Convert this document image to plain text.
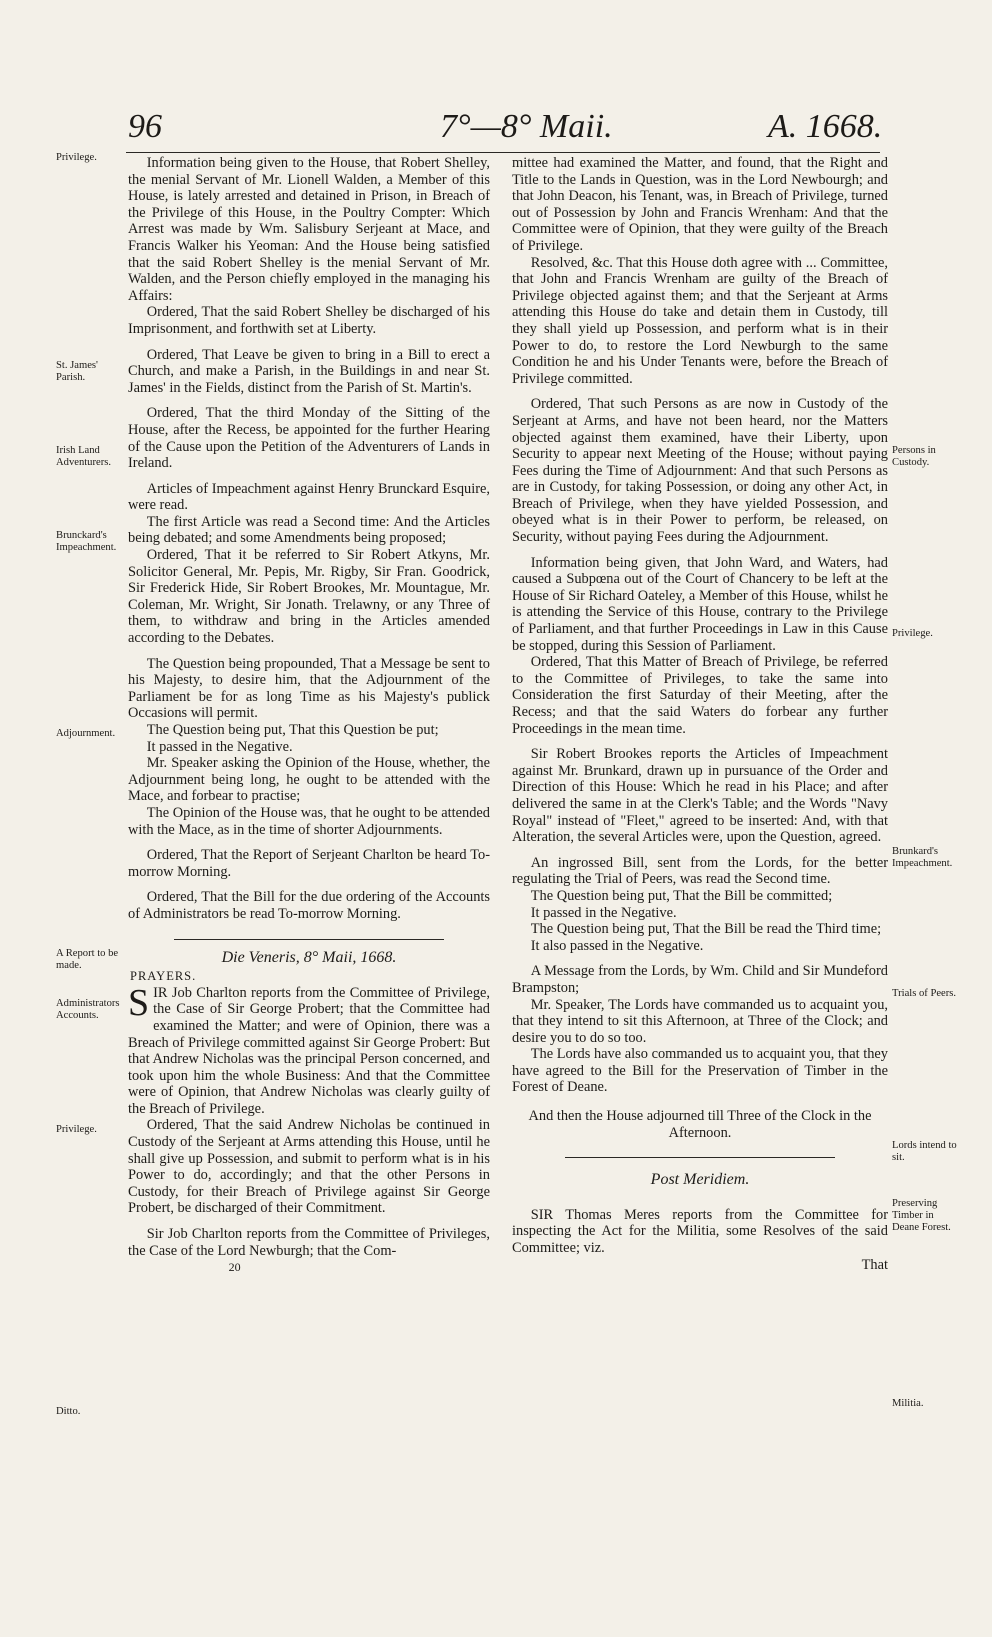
96	7°—8° Maii.	A. 1668.
Privilege.
St. James' Parish.
Irish Land Adventurers.
Brunckard's Impeachment.
Adjournment.
A Report to be made.
Administrators Accounts.
Privilege.
Ditto.
Persons in Custody.
Privilege.
Brunkard's Impeachment.
Trials of Peers.
Lords intend to sit.
Preserving Timber in Deane Forest.
Militia.

Information being given to the House, that Robert Shelley, the menial Servant of Mr. Lionell Walden, a Member of this House, is lately arrested and detained in Prison, in Breach of the Privilege of this House, in the Poultry Compter: Which Arrest was made by Wm. Salisbury Serjeant at Mace, and Francis Walker his Yeoman: And the House being satisfied that the said Robert Shelley is the menial Servant of Mr. Walden, and the Person chiefly employed in the managing his Affairs:

Ordered, That the said Robert Shelley be discharged of his Imprisonment, and forthwith set at Liberty.

Ordered, That Leave be given to bring in a Bill to erect a Church, and make a Parish, in the Buildings in and near St. James' in the Fields, distinct from the Parish of St. Martin's.

Ordered, That the third Monday of the Sitting of the House, after the Recess, be appointed for the further Hearing of the Cause upon the Petition of the Adventurers of Lands in Ireland.

Articles of Impeachment against Henry Brunckard Esquire, were read.

The first Article was read a Second time: And the Articles being debated; and some Amendments being proposed;

Ordered, That it be referred to Sir Robert Atkyns, Mr. Solicitor General, Mr. Pepis, Mr. Rigby, Sir Fran. Goodrick, Sir Frederick Hide, Sir Robert Brookes, Mr. Mountague, Mr. Coleman, Mr. Wright, Sir Jonath. Trelawny, or any Three of them, to withdraw and bring in the Articles amended according to the Debates.

The Question being propounded, That a Message be sent to his Majesty, to desire him, that the Adjournment of the Parliament be for as long Time as his Majesty's publick Occasions will permit.

The Question being put, That this Question be put;

It passed in the Negative.

Mr. Speaker asking the Opinion of the House, whether, the Adjournment being long, he ought to be attended with the Mace, and forbear to practise;

The Opinion of the House was, that he ought to be attended with the Mace, as in the time of shorter Adjournments.

Ordered, That the Report of Serjeant Charlton be heard To-morrow Morning.

Ordered, That the Bill for the due ordering of the Accounts of Administrators be read To-morrow Morning.

Die Veneris, 8° Maii, 1668.

PRAYERS.

SIR Job Charlton reports from the Committee of Privilege, the Case of Sir George Probert; that the Committee had examined the Matter; and were of Opinion, there was a Breach of Privilege committed against Sir George Probert: But that Andrew Nicholas was the principal Person concerned, and took upon him the whole Business: And that the Committee were of Opinion, that Andrew Nicholas was clearly guilty of the Breach of Privilege.

Ordered, That the said Andrew Nicholas be continued in Custody of the Serjeant at Arms attending this House, until he shall give up Possession, and submit to perform what is in his Power to do, accordingly; and that the other Persons in Custody, for their Breach of Privilege against Sir George Probert, be discharged of their Commitment.

Sir Job Charlton reports from the Committee of Privileges, the Case of the Lord Newburgh; that the Com-

20

mittee had examined the Matter, and found, that the Right and Title to the Lands in Question, was in the Lord Newbourgh; and that John Deacon, his Tenant, was, in Breach of Privilege, turned out of Possession by John and Francis Wrenham: And that the Committee were of Opinion, that they were guilty of the Breach of Privilege.

Resolved, &c. That this House doth agree with ... Committee, that John and Francis Wrenham are guilty of the Breach of Privilege objected against them; and that the Serjeant at Arms attending this House do take and detain them in Custody, till they shall yield up Possession, and perform what is in their Power to do, to restore the Lord Newburgh to the same Condition he and his Under Tenants were, before the Breach of Privilege committed.

Ordered, That such Persons as are now in Custody of the Serjeant at Arms, and have not been heard, nor the Matters objected against them examined, have their Liberty, upon Security to appear next Meeting of the House; without paying Fees during the Time of Adjournment: And that such Persons as are in Custody, for taking Possession, or doing any other Act, in Breach of Privilege, when they have yielded Possession, and obeyed what is in their Power to perform, be released, on Security, without paying Fees during the Adjournment.

Information being given, that John Ward, and Waters, had caused a Subpœna out of the Court of Chancery to be left at the House of Sir Richard Oateley, a Member of this House, whilst he is attending the Service of this House, contrary to the Privilege of Parliament, and that further Proceedings in Law in this Cause be stopped, during this Session of Parliament.

Ordered, That this Matter of Breach of Privilege, be referred to the Committee of Privileges, to take the same into Consideration the first Saturday of their Meeting, after the Recess; and that the said Waters do forbear any further Proceedings in the mean time.

Sir Robert Brookes reports the Articles of Impeachment against Mr. Brunkard, drawn up in pursuance of the Order and Direction of this House: Which he read in his Place; and after delivered the same in at the Clerk's Table; and the Words "Navy Royal" instead of "Fleet," agreed to be inserted: And, with that Alteration, the several Articles were, upon the Question, agreed.

An ingrossed Bill, sent from the Lords, for the better regulating the Trial of Peers, was read the Second time.

The Question being put, That the Bill be committed;

It passed in the Negative.

The Question being put, That the Bill be read the Third time;

It also passed in the Negative.

A Message from the Lords, by Wm. Child and Sir Mundeford Brampston;

Mr. Speaker, The Lords have commanded us to acquaint you, that they intend to sit this Afternoon, at Three of the Clock; and desire you to do so too.

The Lords have also commanded us to acquaint you, that they have agreed to the Bill for the Preservation of Timber in the Forest of Deane.

And then the House adjourned till Three of the Clock in the Afternoon.

Post Meridiem.

SIR Thomas Meres reports from the Committee for inspecting the Act for the Militia, some Resolves of the said Committee; viz.

That
